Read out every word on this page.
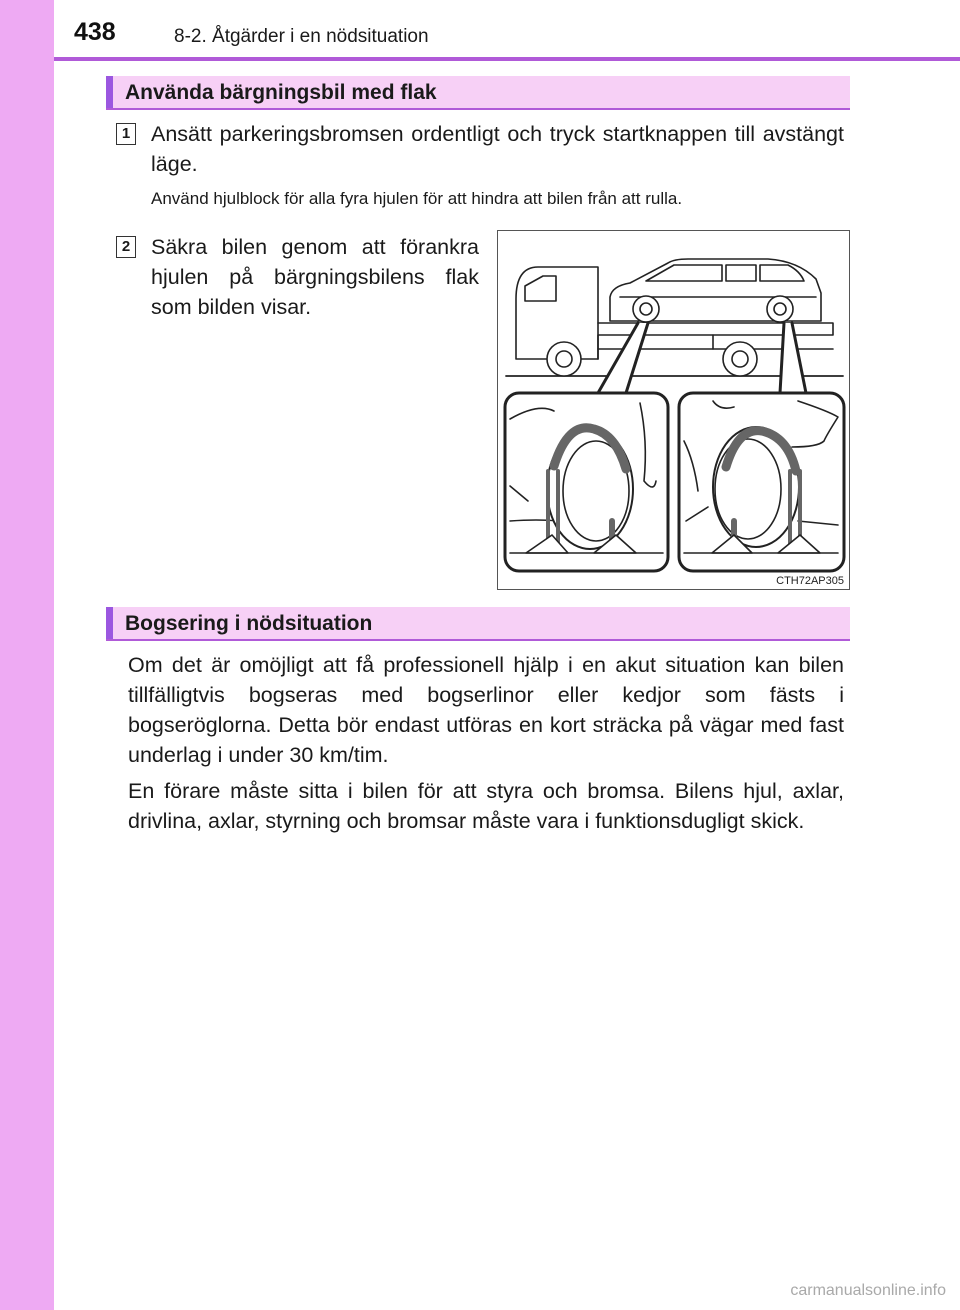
438	8-2. Åtgärder i en nödsituation
Använda bärgningsbil med flak
1 Ansätt parkeringsbromsen ordentligt och tryck startknappen till avstängt läge.
Använd hjulblock för alla fyra hjulen för att hindra att bilen från att rulla.
2 Säkra bilen genom att förankra hjulen på bärgningsbilens flak som bilden visar.
CTH72AP305
Bogsering i nödsituation
Om det är omöjligt att få professionell hjälp i en akut situation kan bilen tillfälligtvis bogseras med bogserlinor eller kedjor som fästs i bogseröglorna. Detta bör endast utföras en kort sträcka på vägar med fast underlag i under 30 km/tim.
En förare måste sitta i bilen för att styra och bromsa. Bilens hjul, axlar, drivlina, axlar, styrning och bromsar måste vara i funktionsdugligt skick.
carmanualsonline.info
